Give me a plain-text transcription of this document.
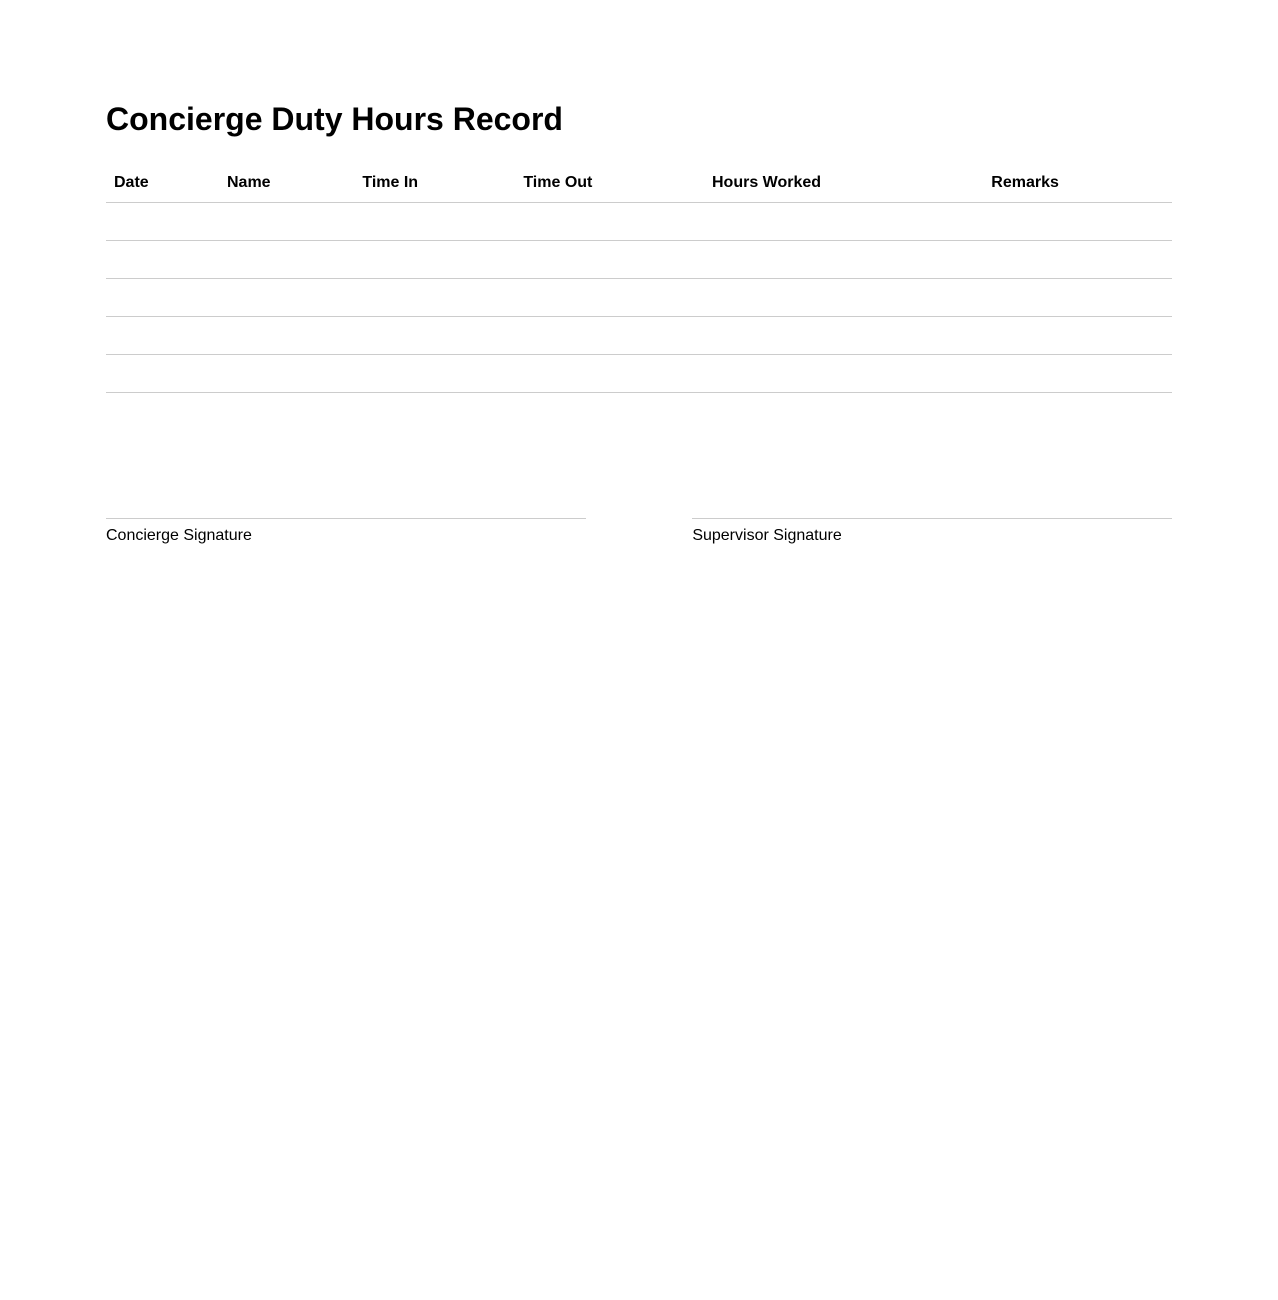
Concierge Duty Hours Record
Date	Name	Time In	Time Out	Hours Worked	Remarks

Concierge Signature	Supervisor Signature
